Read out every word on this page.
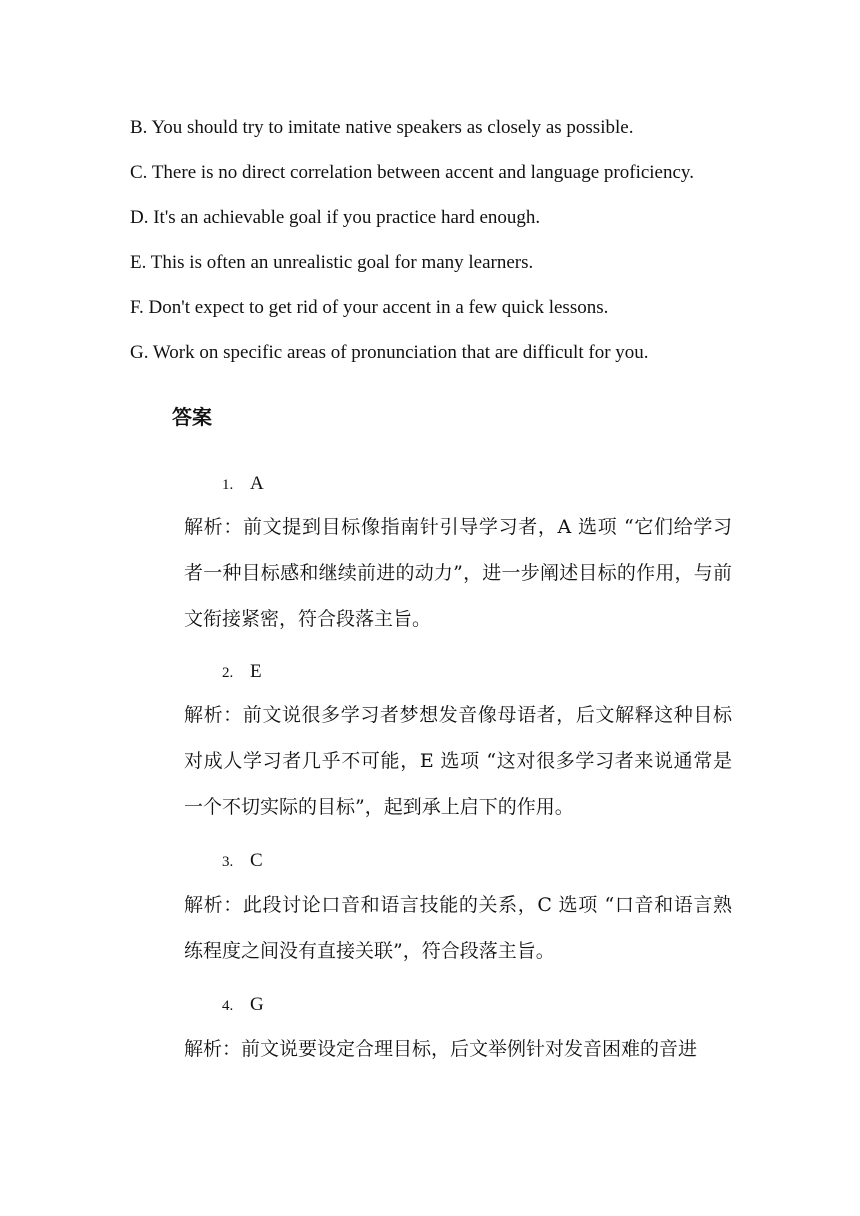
B. You should try to imitate native speakers as closely as possible.
C. There is no direct correlation between accent and language proficiency.
D. It's an achievable goal if you practice hard enough.
E. This is often an unrealistic goal for many learners.
F. Don't expect to get rid of your accent in a few quick lessons.
G. Work on specific areas of pronunciation that are difficult for you.
答案
1. A
解析：前文提到目标像指南针引导学习者，A 选项 “它们给学习者一种目标感和继续前进的动力”，进一步阐述目标的作用，与前文衔接紧密，符合段落主旨。
2. E
解析：前文说很多学习者梦想发音像母语者，后文解释这种目标对成人学习者几乎不可能，E 选项 “这对很多学习者来说通常是一个不切实际的目标”，起到承上启下的作用。
3. C
解析：此段讨论口音和语言技能的关系，C 选项 “口音和语言熟练程度之间没有直接关联”，符合段落主旨。
4. G
解析：前文说要设定合理目标，后文举例针对发音困难的音进
